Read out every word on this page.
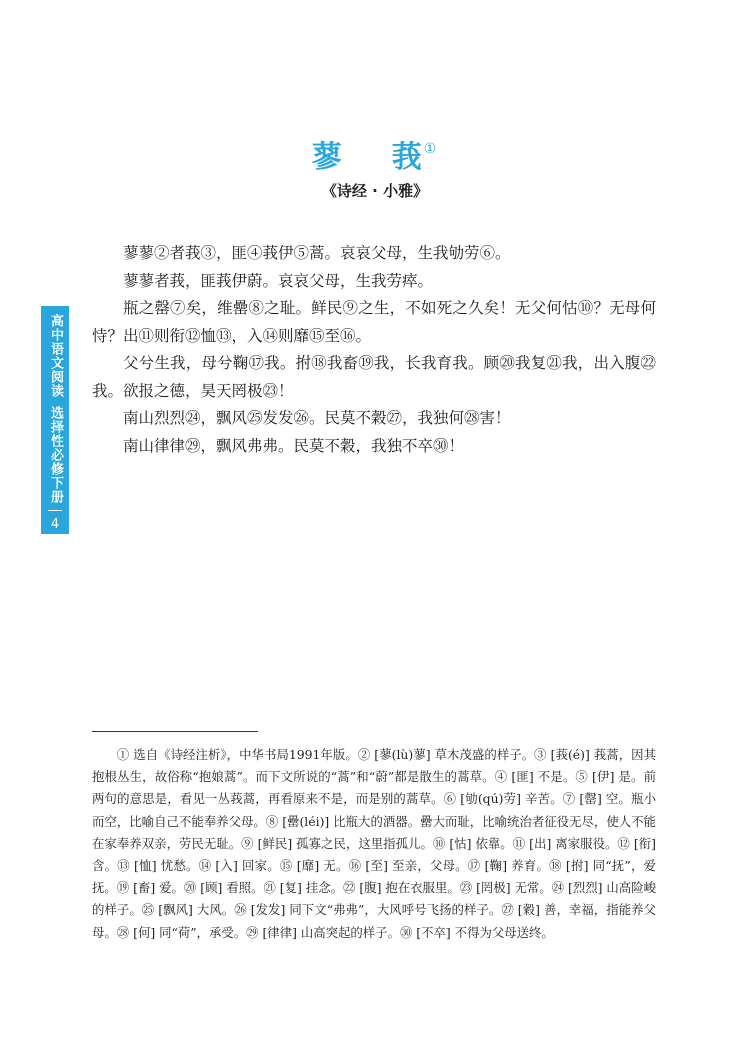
蓼 莪①
《诗经 · 小雅》

蓼蓼②者莪③，匪④莪伊⑤蒿。哀哀父母，生我劬劳⑥。

蓼蓼者莪，匪莪伊蔚。哀哀父母，生我劳瘁。

瓶之罄⑦矣，维罍⑧之耻。鲜民⑨之生，不如死之久矣！无父何怙⑩？无母何恃？出⑪则衔⑫恤⑬，入⑭则靡⑮至⑯。

父兮生我，母兮鞠⑰我。拊⑱我畜⑲我，长我育我。顾⑳我复㉑我，出入腹㉒我。欲报之德，昊天罔极㉓！

南山烈烈㉔，飘风㉕发发㉖。民莫不穀㉗，我独何㉘害！

南山律律㉙，飘风弗弗。民莫不穀，我独不卒㉚！

高中语文阅读
选择性必修下册
4

① 选自《诗经注析》，中华书局1991年版。② [蓼(lù)蓼] 草木茂盛的样子。③ [莪(é)] 莪蒿，因其抱根丛生，故俗称“抱娘蒿”。而下文所说的“蒿”和“蔚”都是散生的蒿草。④ [匪] 不是。⑤ [伊] 是。前两句的意思是，看见一丛莪蒿，再看原来不是，而是别的蒿草。⑥ [劬(qú)劳] 辛苦。⑦ [罄] 空。瓶小而空，比喻自己不能奉养父母。⑧ [罍(léi)] 比瓶大的酒器。罍大而耻，比喻统治者征役无尽，使人不能在家奉养双亲，劳民无耻。⑨ [鲜民] 孤寡之民，这里指孤儿。⑩ [怙] 依靠。⑪ [出] 离家服役。⑫ [衔] 含。⑬ [恤] 忧愁。⑭ [入] 回家。⑮ [靡] 无。⑯ [至] 至亲，父母。⑰ [鞠] 养育。⑱ [拊] 同“抚”，爱抚。⑲ [畜] 爱。⑳ [顾] 看照。㉑ [复] 挂念。㉒ [腹] 抱在衣服里。㉓ [罔极] 无常。㉔ [烈烈] 山高险峻的样子。㉕ [飘风] 大风。㉖ [发发] 同下文“弗弗”，大风呼号飞扬的样子。㉗ [穀] 善，幸福，指能养父母。㉘ [何] 同“荷”，承受。㉙ [律律] 山高突起的样子。㉚ [不卒] 不得为父母送终。
